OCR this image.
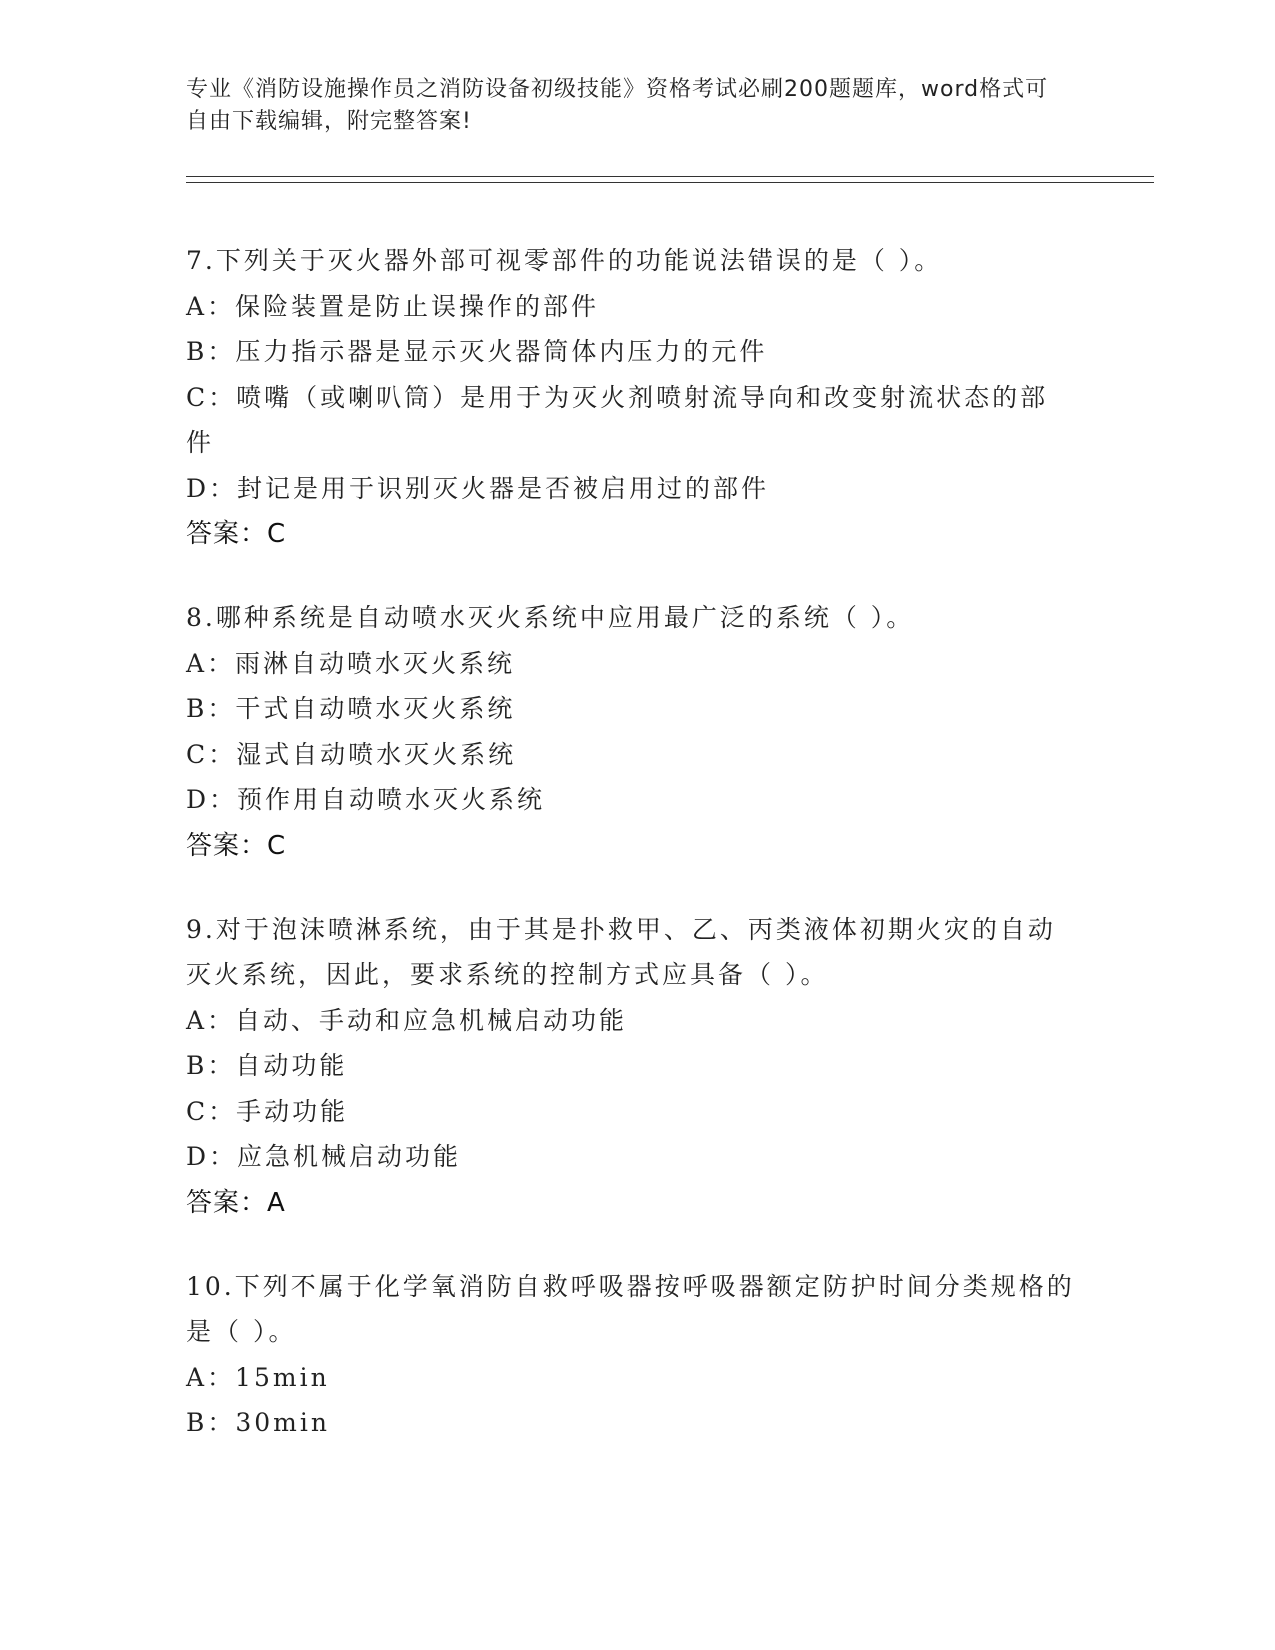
专业《消防设施操作员之消防设备初级技能》资格考试必刷200题题库，word格式可自由下载编辑，附完整答案!
7.下列关于灭火器外部可视零部件的功能说法错误的是（ ）。
A：保险装置是防止误操作的部件
B：压力指示器是显示灭火器筒体内压力的元件
C：喷嘴（或喇叭筒）是用于为灭火剂喷射流导向和改变射流状态的部件
D：封记是用于识别灭火器是否被启用过的部件
答案：C
8.哪种系统是自动喷水灭火系统中应用最广泛的系统（ ）。
A：雨淋自动喷水灭火系统
B：干式自动喷水灭火系统
C：湿式自动喷水灭火系统
D：预作用自动喷水灭火系统
答案：C
9.对于泡沫喷淋系统，由于其是扑救甲、乙、丙类液体初期火灾的自动灭火系统，因此，要求系统的控制方式应具备（ ）。
A：自动、手动和应急机械启动功能
B：自动功能
C：手动功能
D：应急机械启动功能
答案：A
10.下列不属于化学氧消防自救呼吸器按呼吸器额定防护时间分类规格的是（ ）。
A：15min
B：30min
